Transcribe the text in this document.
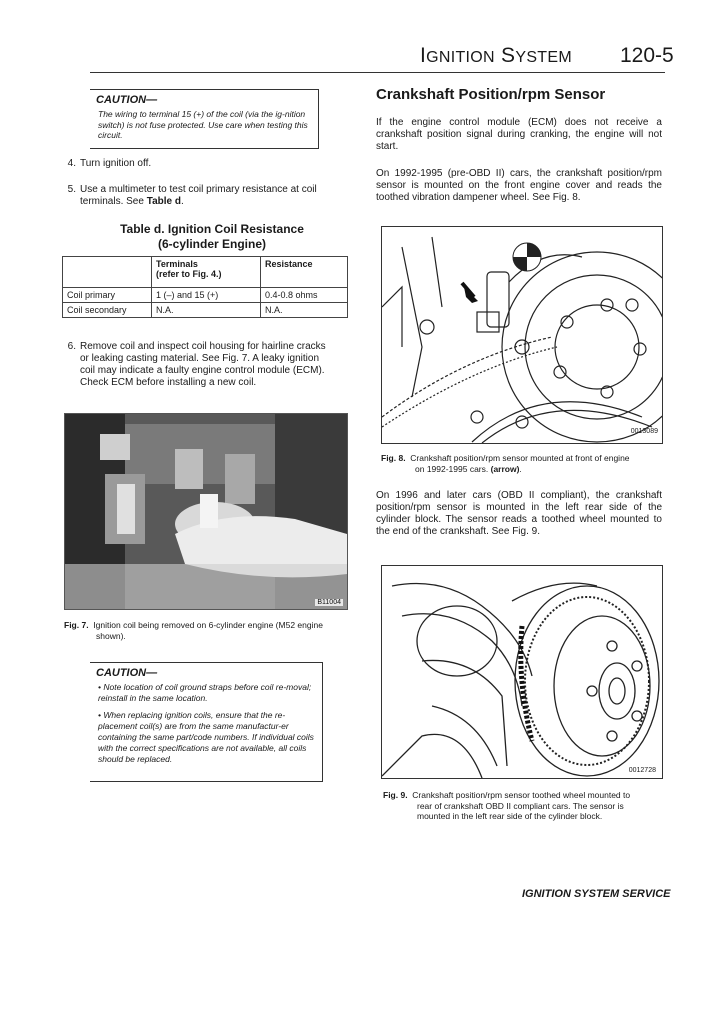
IGNITION SYSTEM 120-5
CAUTION—
The wiring to terminal 15 (+) of the coil (via the ig-nition switch) is not fuse protected. Use care when testing this circuit.
4. Turn ignition off.
5. Use a multimeter to test coil primary resistance at coil
terminals. See Table d.
Table d. Ignition Coil Resistance
(6-cylinder Engine)

	Terminals
(refer to Fig. 4.)	Resistance
Coil primary	1 (–) and 15 (+)	0.4-0.8 ohms
Coil secondary	N.A.	N.A.
6. Remove coil and inspect coil housing for hairline cracks
or leaking casting material. See Fig. 7. A leaky ignition
coil may indicate a faulty engine control module (ECM).
Check ECM before installing a new coil.
B11004
Fig. 7. Ignition coil being removed on 6-cylinder engine (M52 engine
shown).
CAUTION—
• Note location of coil ground straps before coil re-moval; reinstall in the same location.
• When replacing ignition coils, ensure that the re-placement coil(s) are from the same manufactur-er containing the same part/code numbers. If individual coils with the correct specifications are not available, all coils should be replaced.
Crankshaft Position/rpm Sensor
If the engine control module (ECM) does not receive a crankshaft position signal during cranking, the engine will not start.
On 1992-1995 (pre-OBD II) cars, the crankshaft position/rpm sensor is mounted on the front engine cover and reads the toothed vibration dampener wheel. See Fig. 8.
0013089
Fig. 8. Crankshaft position/rpm sensor mounted at front of engine
on 1992-1995 cars. (arrow).
On 1996 and later cars (OBD II compliant), the crankshaft position/rpm sensor is mounted in the left rear side of the cylinder block. The sensor reads a toothed wheel mounted to the end of the crankshaft. See Fig. 9.
0012728
Fig. 9. Crankshaft position/rpm sensor toothed wheel mounted to
rear of crankshaft OBD II compliant cars. The sensor is
mounted in the left rear side of the cylinder block.
IGNITION SYSTEM SERVICE
